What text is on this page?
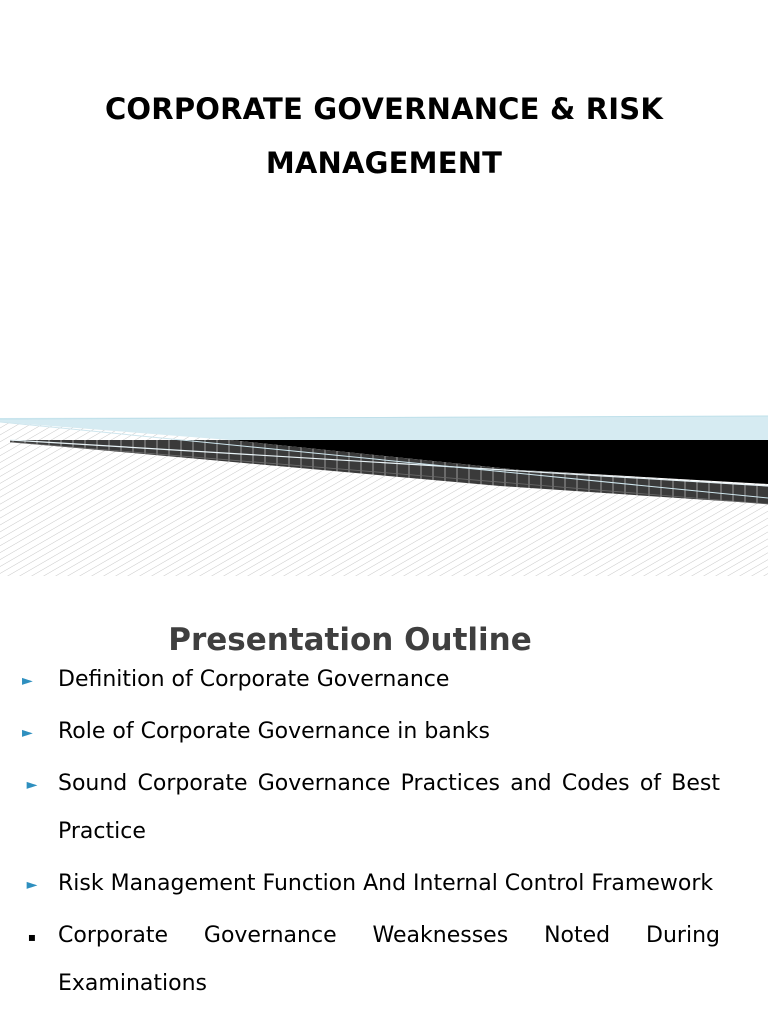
CORPORATE GOVERNANCE & RISK
MANAGEMENT
Presentation Outline
►	Definition of Corporate Governance
►	Role of Corporate Governance in banks
► Sound Corporate Governance Practices and Codes of Best Practice
► Risk Management Function And Internal Control Framework
▪ Corporate Governance Weaknesses Noted During Examinations
